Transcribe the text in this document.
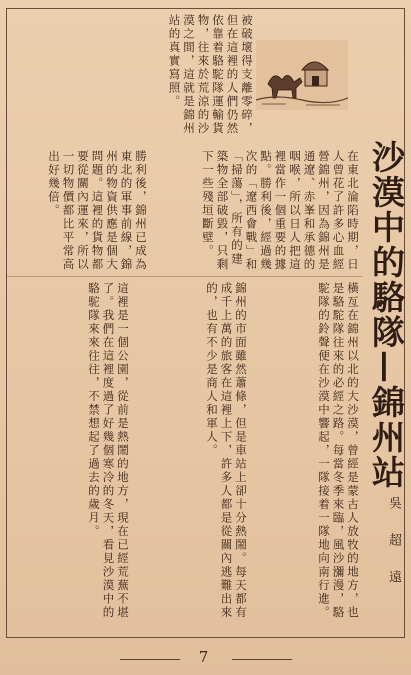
沙漠中的駱隊—錦州站
吳 超 遠
在東北淪陷時期，日人曾花了許多心血經營錦州，因為錦州是通遼、赤峯和承德的咽喉，所以日人把這裡當作一個重要的據點。勝利後，經過幾次的「遼西會戰」和「掃蕩」，所有的建築物全部破毀，只剩下一些殘垣斷壁。
勝利後，錦州已成為東北的軍事前線，錦州的物資供應是個大問題。這裡的貨物都要從關內運來，所以一切物價都比平常高出好幾倍。
被破壞得支離零碎，但在這裡的人們仍然依靠着駱駝隊運輸貨物，往來於荒涼的沙漠之間，這就是錦州站的真實寫照。
橫亙在錦州以北的大沙漠，曾經是蒙古人放牧的地方，也是駱駝隊往來的必經之路。每當冬季來臨，風沙瀰漫，駱駝隊的鈴聲便在沙漠中響起，一隊接着一隊地向南行進。
錦州的市面雖然蕭條，但是車站上卻十分熱鬧。每天都有成千上萬的旅客在這裡上下，許多人都是從關內逃難出來的，也有不少是商人和軍人。
這裡是一個公園，從前是熱鬧的地方，現在已經荒蕪不堪了。我們在這裡度過了好幾個寒冷的冬天，看見沙漠中的駱駝隊來來往往，不禁想起了過去的歲月。
7
